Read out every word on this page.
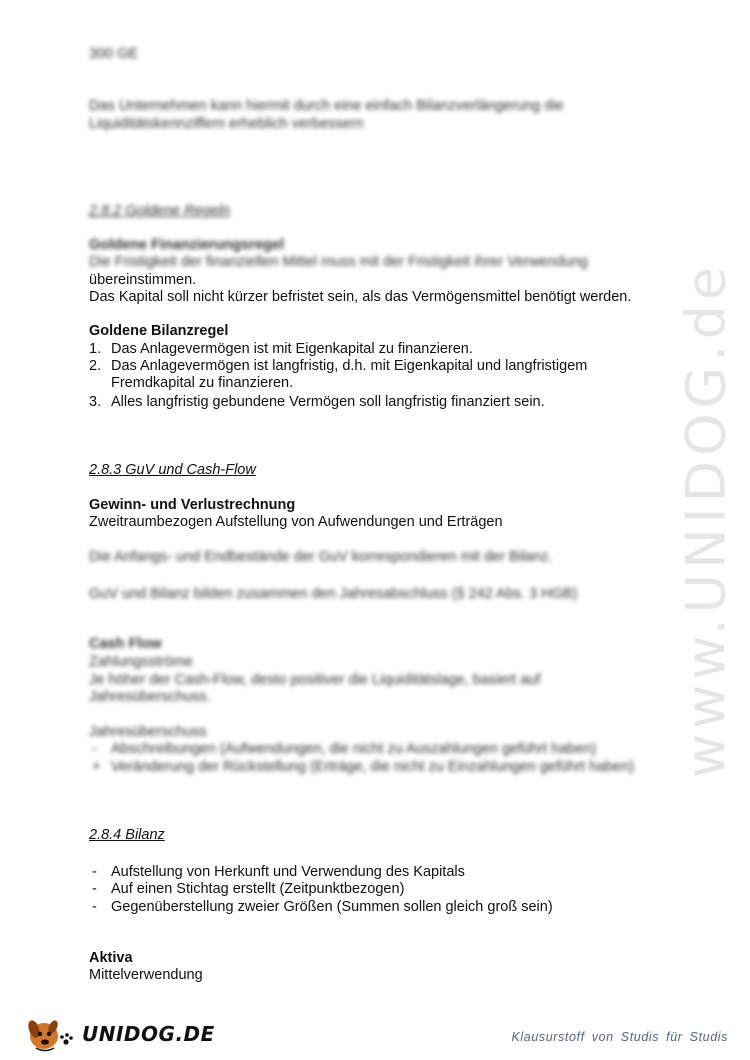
www.UNIDOG.de
300 GE
Das Unternehmen kann hiermit durch eine einfach Bilanzverlängerung die
Liquiditätskennziffern erheblich verbessern
2.8.2 Goldene Regeln
Goldene Finanzierungsregel
Die Fristigkeit der finanziellen Mittel muss mit der Fristigkeit ihrer Verwendung
übereinstimmen.
Das Kapital soll nicht kürzer befristet sein, als das Vermögensmittel benötigt werden.
Goldene Bilanzregel
1. Das Anlagevermögen ist mit Eigenkapital zu finanzieren.
2. Das Anlagevermögen ist langfristig, d.h. mit Eigenkapital und langfristigem
Fremdkapital zu finanzieren.
3. Alles langfristig gebundene Vermögen soll langfristig finanziert sein.
2.8.3 GuV und Cash-Flow
Gewinn- und Verlustrechnung
Zweitraumbezogen Aufstellung von Aufwendungen und Erträgen
Die Anfangs- und Endbestände der GuV korrespondieren mit der Bilanz.
GuV und Bilanz bilden zusammen den Jahresabschluss (§ 242 Abs. 3 HGB)
Cash Flow
Zahlungsströme
Je höher der Cash-Flow, desto positiver die Liquiditätslage, basiert auf
Jahresüberschuss.
Jahresüberschuss
- Abschreibungen (Aufwendungen, die nicht zu Auszahlungen geführt haben)
+ Veränderung der Rückstellung (Erträge, die nicht zu Einzahlungen geführt haben)
2.8.4 Bilanz
- Aufstellung von Herkunft und Verwendung des Kapitals
- Auf einen Stichtag erstellt (Zeitpunktbezogen)
- Gegenüberstellung zweier Größen (Summen sollen gleich groß sein)
Aktiva
Mittelverwendung
UNIDOG.DE	Klausurstoff von Studis für Studis
